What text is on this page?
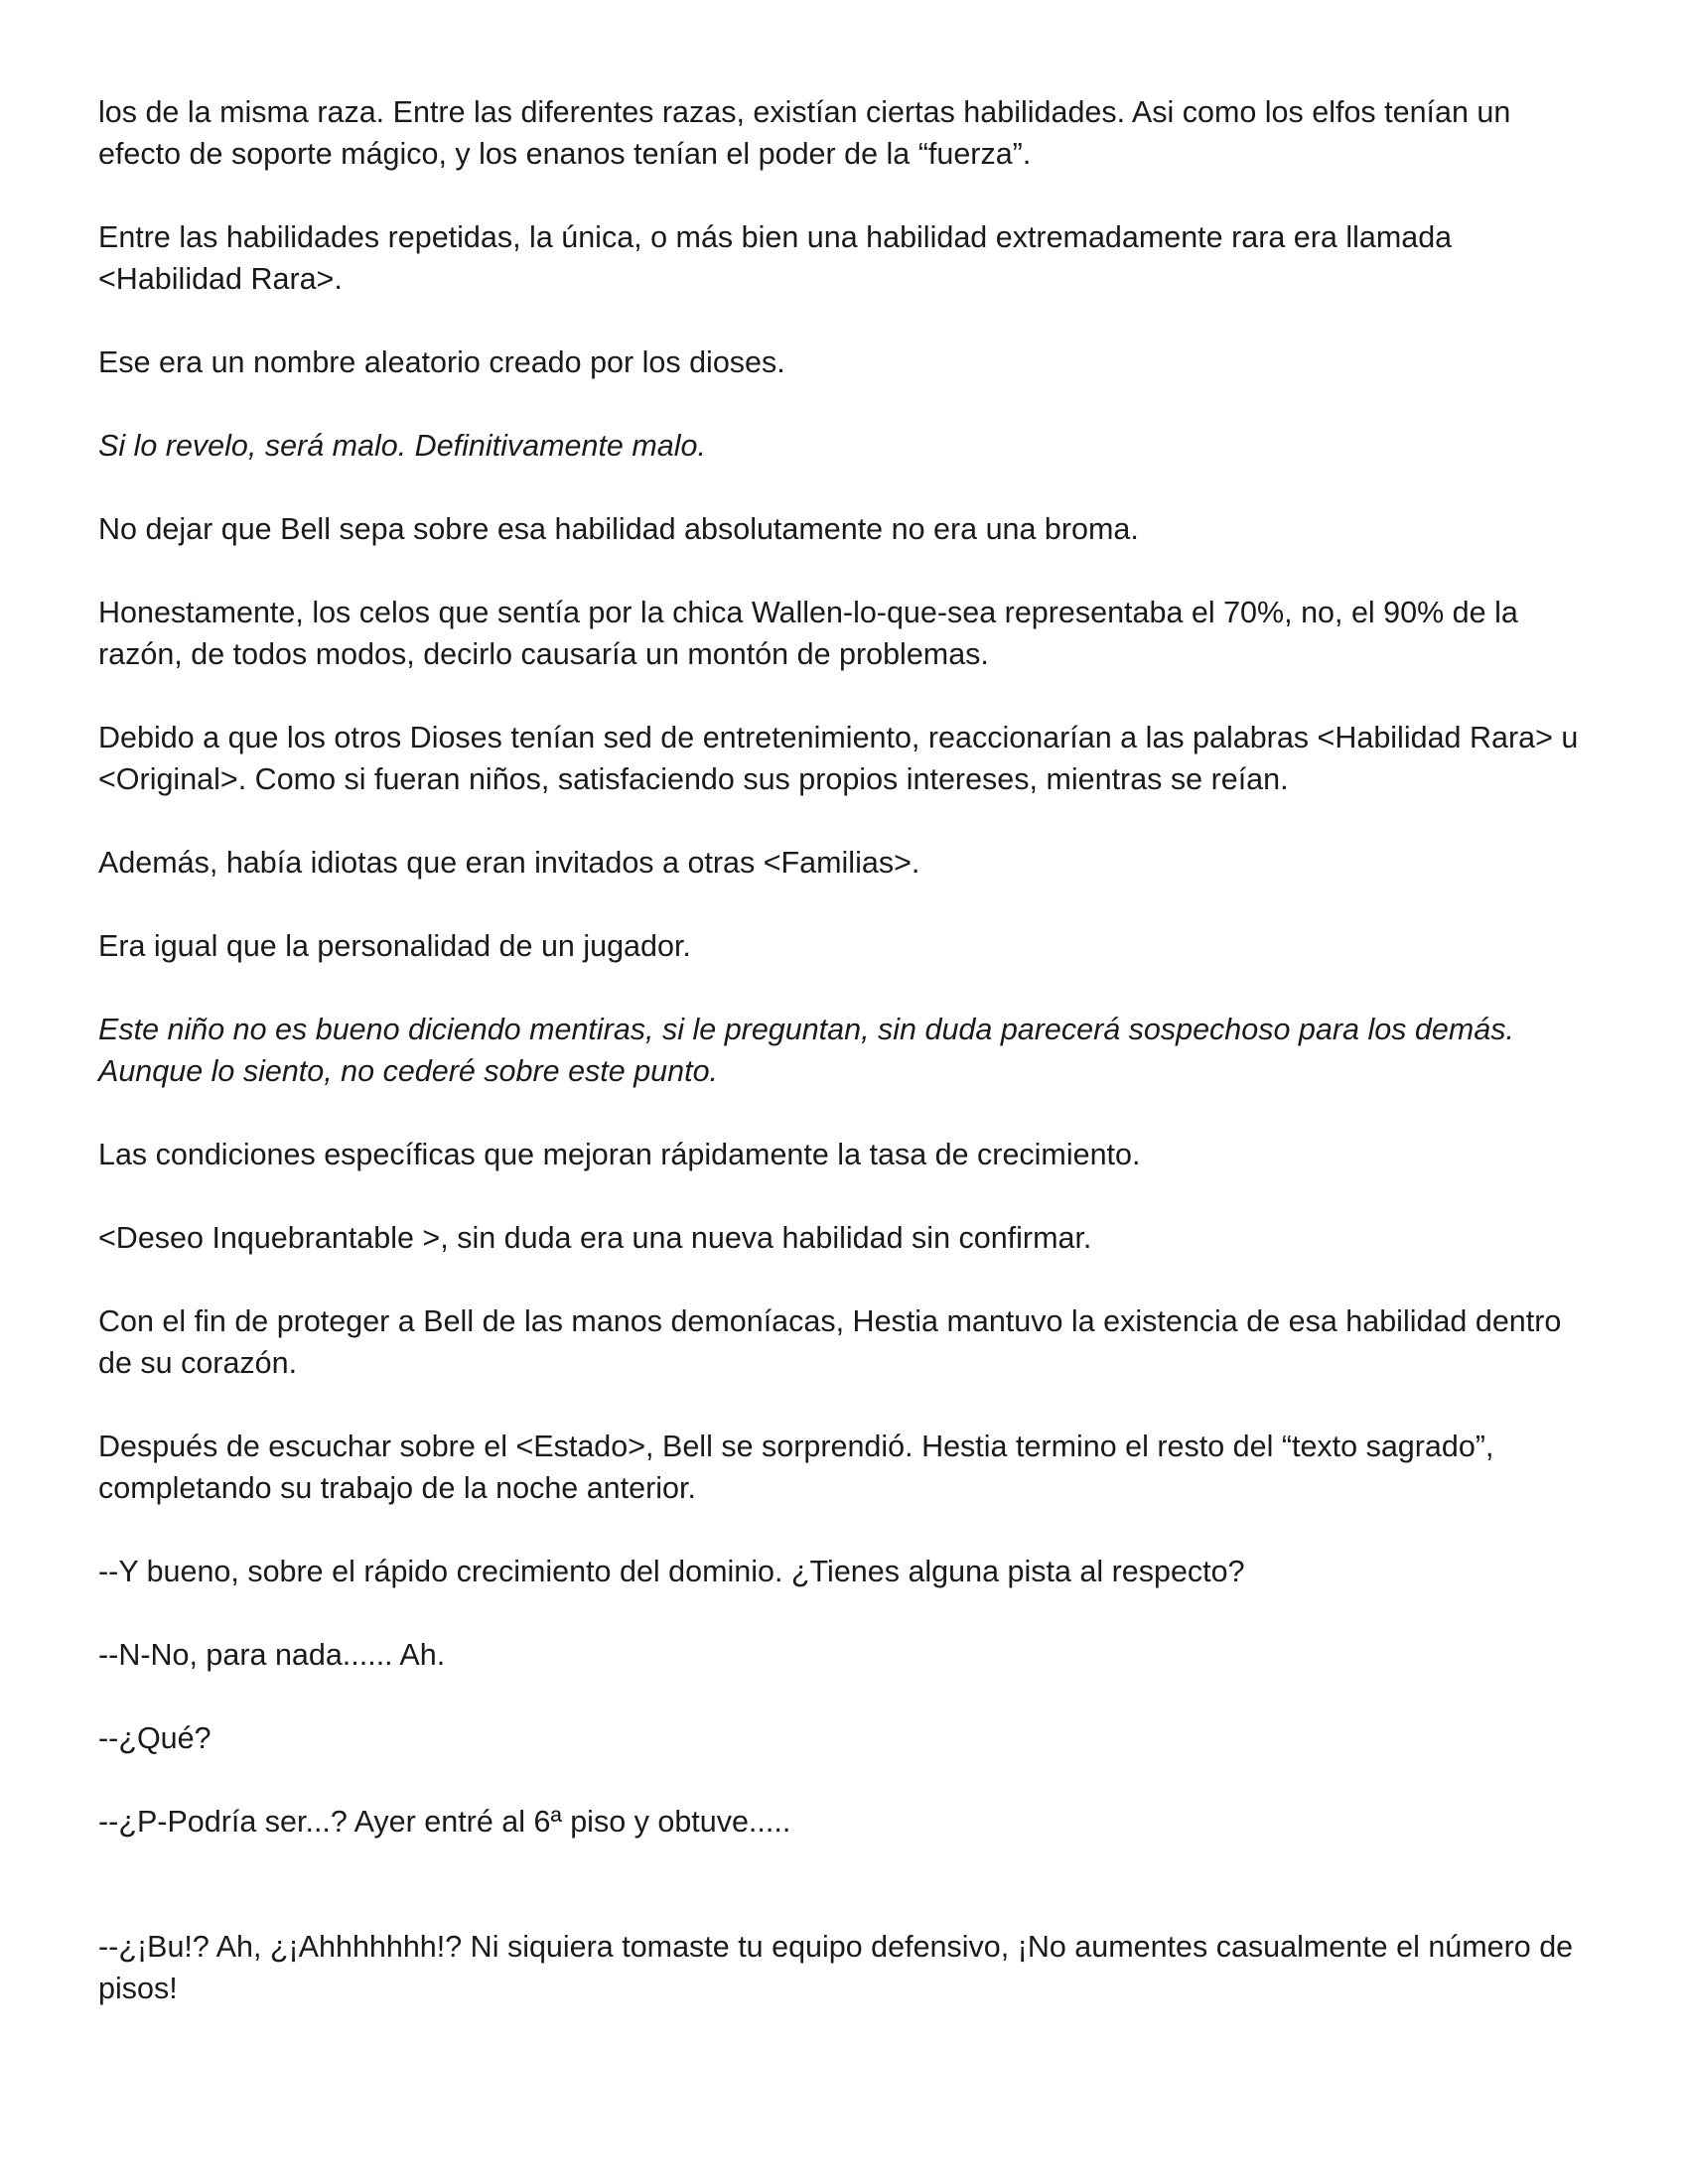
los de la misma raza. Entre las diferentes razas, existían ciertas habilidades. Asi como los elfos tenían un efecto de soporte mágico, y los enanos tenían el poder de la “fuerza”.

Entre las habilidades repetidas, la única, o más bien una habilidad extremadamente rara era llamada <Habilidad Rara>.

Ese era un nombre aleatorio creado por los dioses.

Si lo revelo, será malo. Definitivamente malo.

No dejar que Bell sepa sobre esa habilidad absolutamente no era una broma.

Honestamente, los celos que sentía por la chica Wallen-lo-que-sea representaba el 70%, no, el 90% de la razón, de todos modos, decirlo causaría un montón de problemas.

Debido a que los otros Dioses tenían sed de entretenimiento, reaccionarían a las palabras <Habilidad Rara> u <Original>. Como si fueran niños, satisfaciendo sus propios intereses, mientras se reían.

Además, había idiotas que eran invitados a otras <Familias>.

Era igual que la personalidad de un jugador.

Este niño no es bueno diciendo mentiras, si le preguntan, sin duda parecerá sospechoso para los demás. Aunque lo siento, no cederé sobre este punto.

Las condiciones específicas que mejoran rápidamente la tasa de crecimiento.

<Deseo Inquebrantable >, sin duda era una nueva habilidad sin confirmar.

Con el fin de proteger a Bell de las manos demoníacas, Hestia mantuvo la existencia de esa habilidad dentro de su corazón.

Después de escuchar sobre el <Estado>, Bell se sorprendió. Hestia termino el resto del “texto sagrado”, completando su trabajo de la noche anterior.

--Y bueno, sobre el rápido crecimiento del dominio. ¿Tienes alguna pista al respecto?

--N-No, para nada...... Ah.

--¿Qué?

--¿P-Podría ser...? Ayer entré al 6ª piso y obtuve.....

--¿¡Bu!? Ah, ¿¡Ahhhhhhh!? Ni siquiera tomaste tu equipo defensivo, ¡No aumentes casualmente el número de pisos!
